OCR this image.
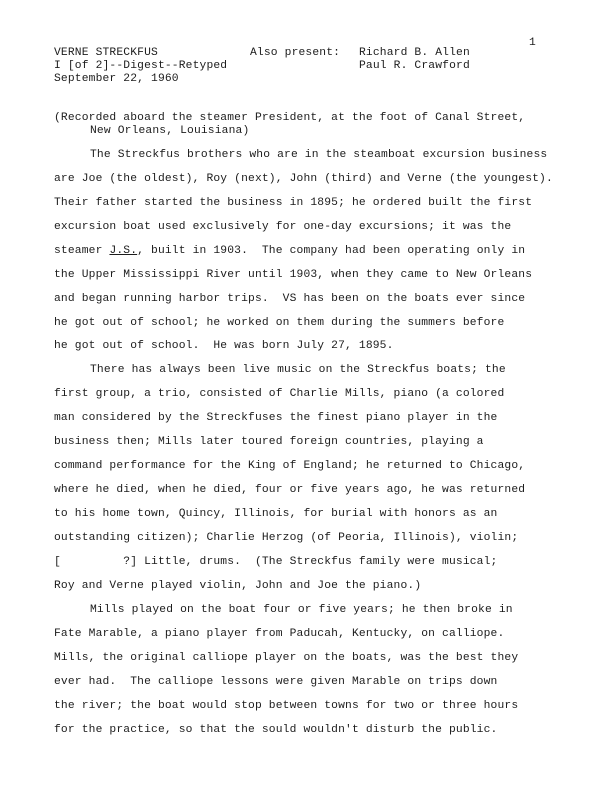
1
VERNE STRECKFUS	Also present: Richard B. Allen
I [of 2]--Digest--Retyped	Paul R. Crawford
September 22, 1960
(Recorded aboard the steamer President, at the foot of Canal Street,
New Orleans, Louisiana)
The Streckfus brothers who are in the steamboat excursion business
are Joe (the oldest), Roy (next), John (third) and Verne (the youngest).
Their father started the business in 1895; he ordered built the first
excursion boat used exclusively for one-day excursions; it was the
steamer J.S., built in 1903.  The company had been operating only in
the Upper Mississippi River until 1903, when they came to New Orleans
and began running harbor trips.  VS has been on the boats ever since
he got out of school; he worked on them during the summers before
he got out of school.  He was born July 27, 1895.
There has always been live music on the Streckfus boats; the
first group, a trio, consisted of Charlie Mills, piano (a colored
man considered by the Streckfuses the finest piano player in the
business then; Mills later toured foreign countries, playing a
command performance for the King of England; he returned to Chicago,
where he died, when he died, four or five years ago, he was returned
to his home town, Quincy, Illinois, for burial with honors as an
outstanding citizen); Charlie Herzog (of Peoria, Illinois), violin;
[         ?] Little, drums.  (The Streckfus family were musical;
Roy and Verne played violin, John and Joe the piano.)
Mills played on the boat four or five years; he then broke in
Fate Marable, a piano player from Paducah, Kentucky, on calliope.
Mills, the original calliope player on the boats, was the best they
ever had.  The calliope lessons were given Marable on trips down
the river; the boat would stop between towns for two or three hours
for the practice, so that the sould wouldn't disturb the public.
